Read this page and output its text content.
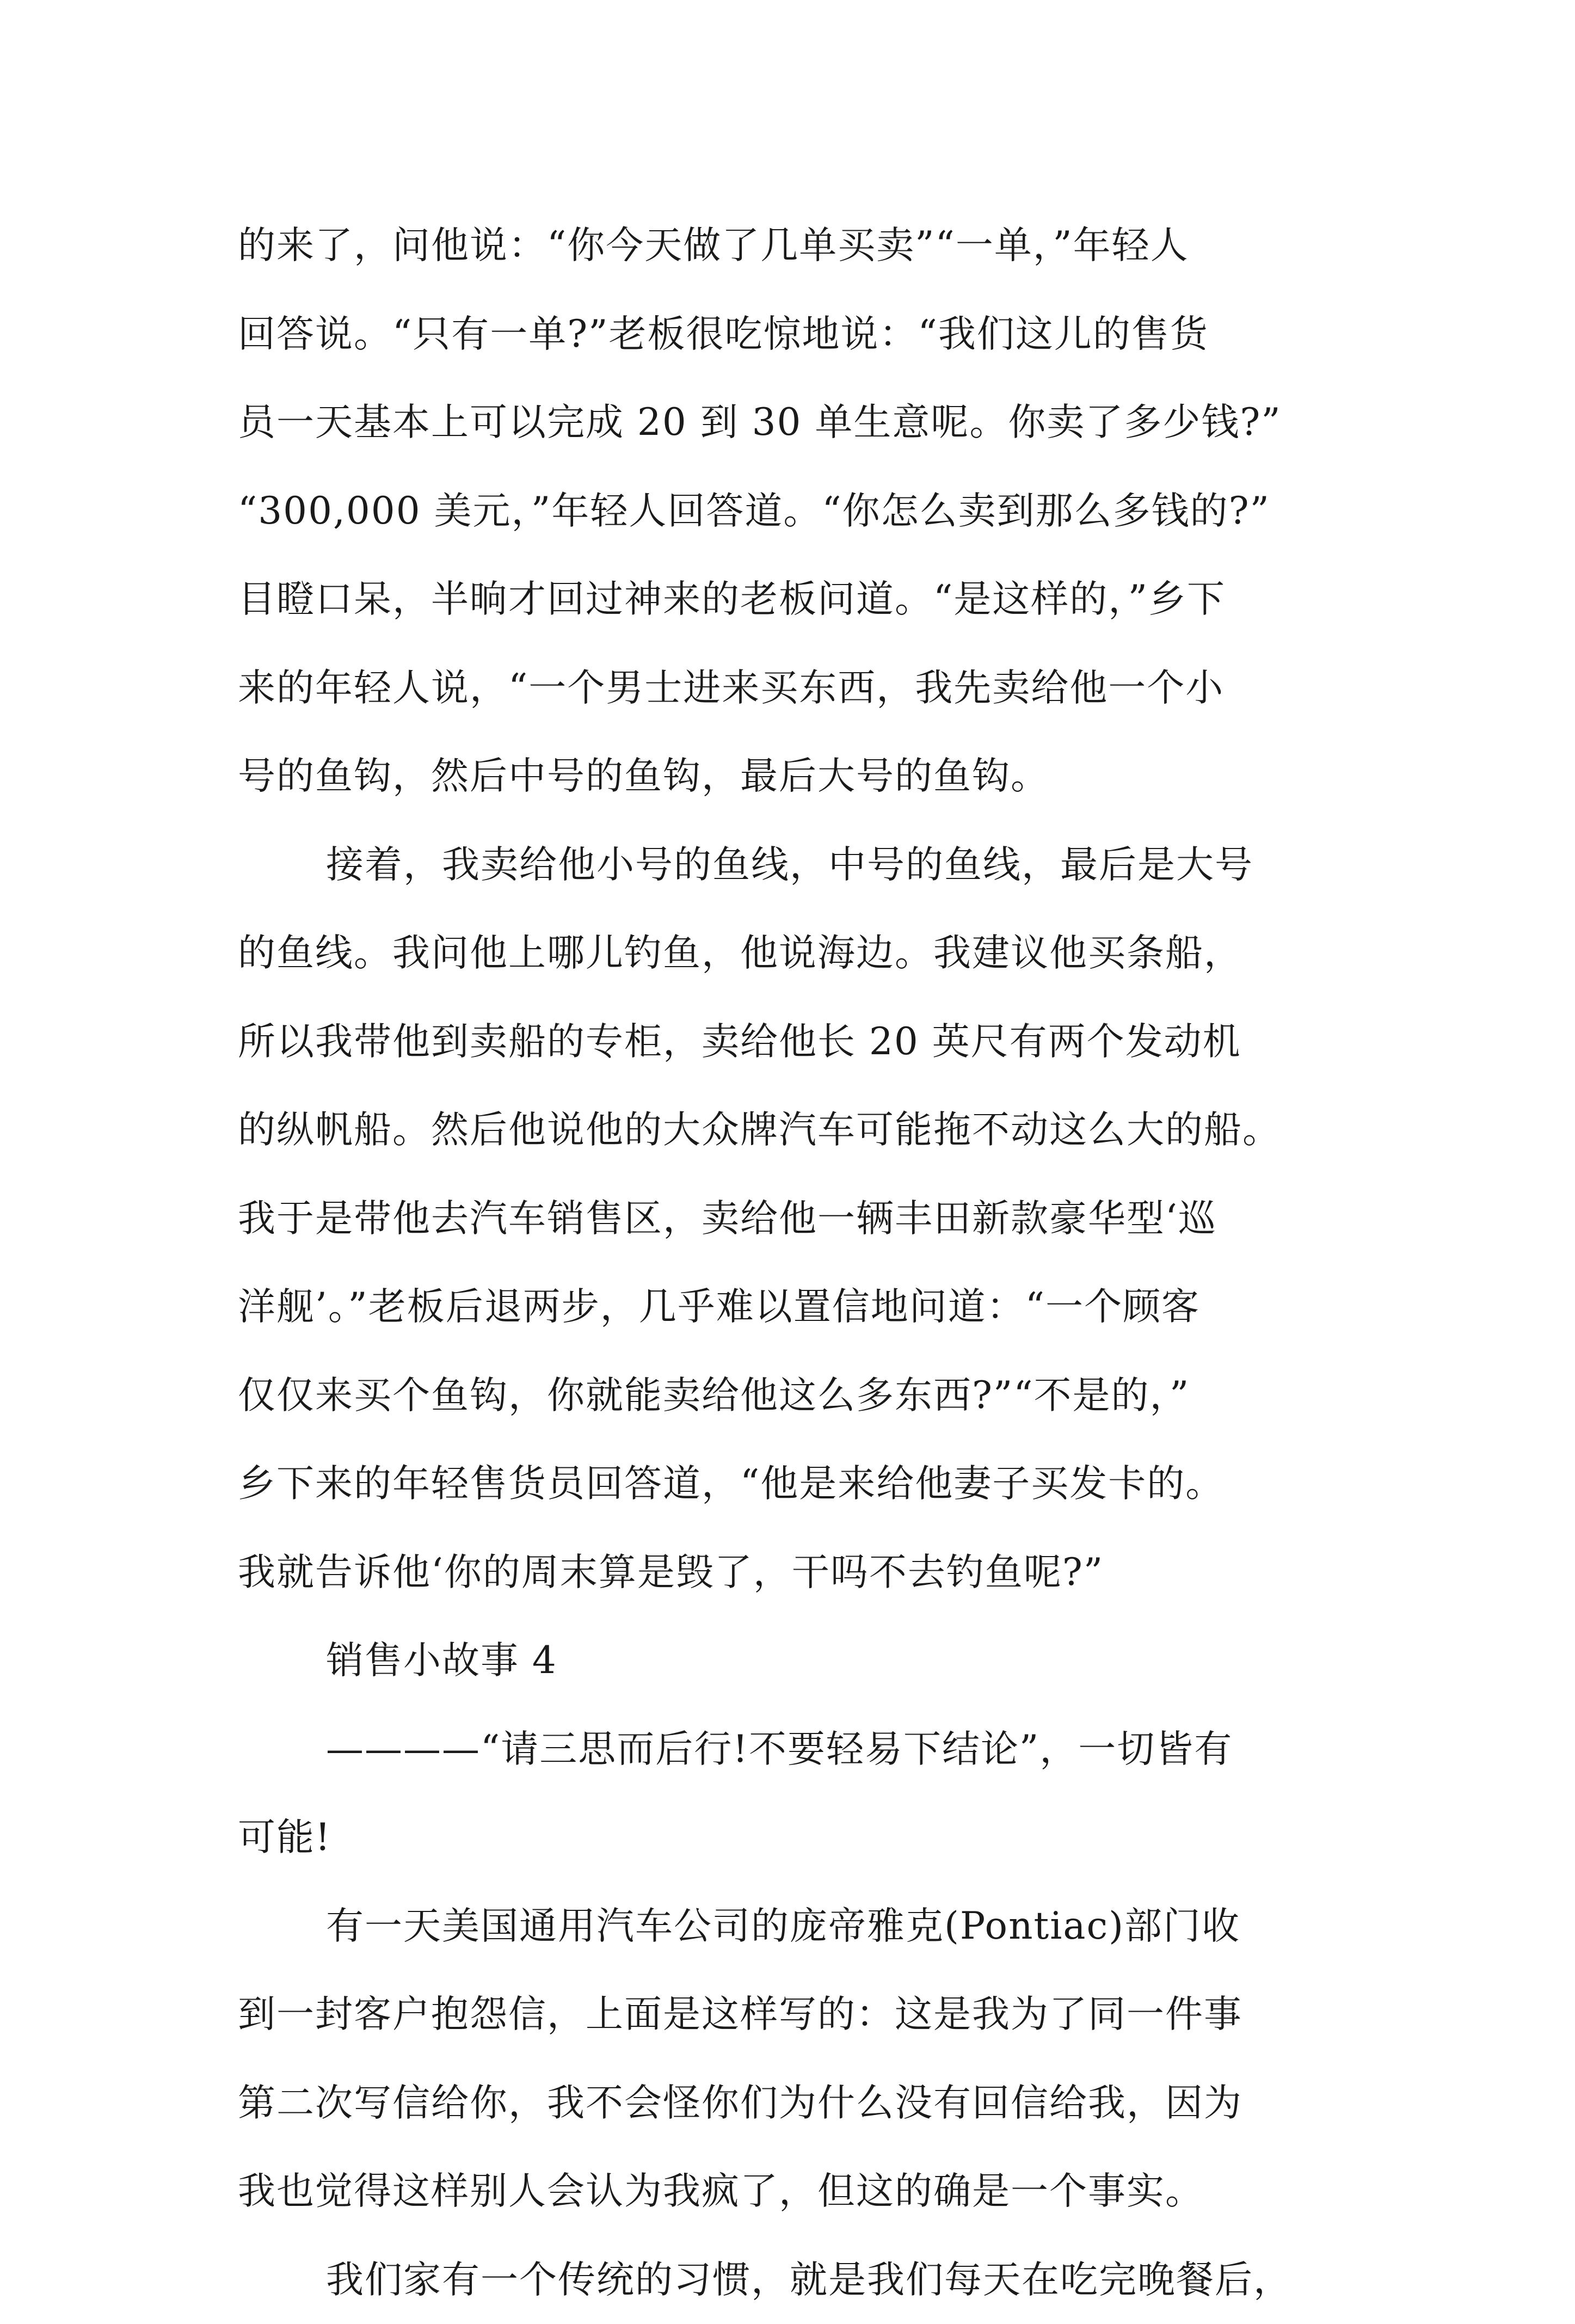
的来了，问他说：“你今天做了几单买卖”“一单，”年轻人
回答说。“只有一单?”老板很吃惊地说：“我们这儿的售货
员一天基本上可以完成 20 到 30 单生意呢。你卖了多少钱?”
“300,000 美元，”年轻人回答道。“你怎么卖到那么多钱的?”
目瞪口呆，半晌才回过神来的老板问道。“是这样的，”乡下
来的年轻人说，“一个男士进来买东西，我先卖给他一个小
号的鱼钩，然后中号的鱼钩，最后大号的鱼钩。
接着，我卖给他小号的鱼线，中号的鱼线，最后是大号
的鱼线。我问他上哪儿钓鱼，他说海边。我建议他买条船，
所以我带他到卖船的专柜，卖给他长 20 英尺有两个发动机
的纵帆船。然后他说他的大众牌汽车可能拖不动这么大的船。
我于是带他去汽车销售区，卖给他一辆丰田新款豪华型‘巡
洋舰’。”老板后退两步，几乎难以置信地问道：“一个顾客
仅仅来买个鱼钩，你就能卖给他这么多东西?”“不是的，”
乡下来的年轻售货员回答道，“他是来给他妻子买发卡的。
我就告诉他‘你的周末算是毁了，干吗不去钓鱼呢?”
销售小故事 4
————“请三思而后行!不要轻易下结论”，一切皆有
可能!
有一天美国通用汽车公司的庞帝雅克(Pontiac)部门收
到一封客户抱怨信，上面是这样写的：这是我为了同一件事
第二次写信给你，我不会怪你们为什么没有回信给我，因为
我也觉得这样别人会认为我疯了，但这的确是一个事实。
我们家有一个传统的习惯，就是我们每天在吃完晚餐后，
